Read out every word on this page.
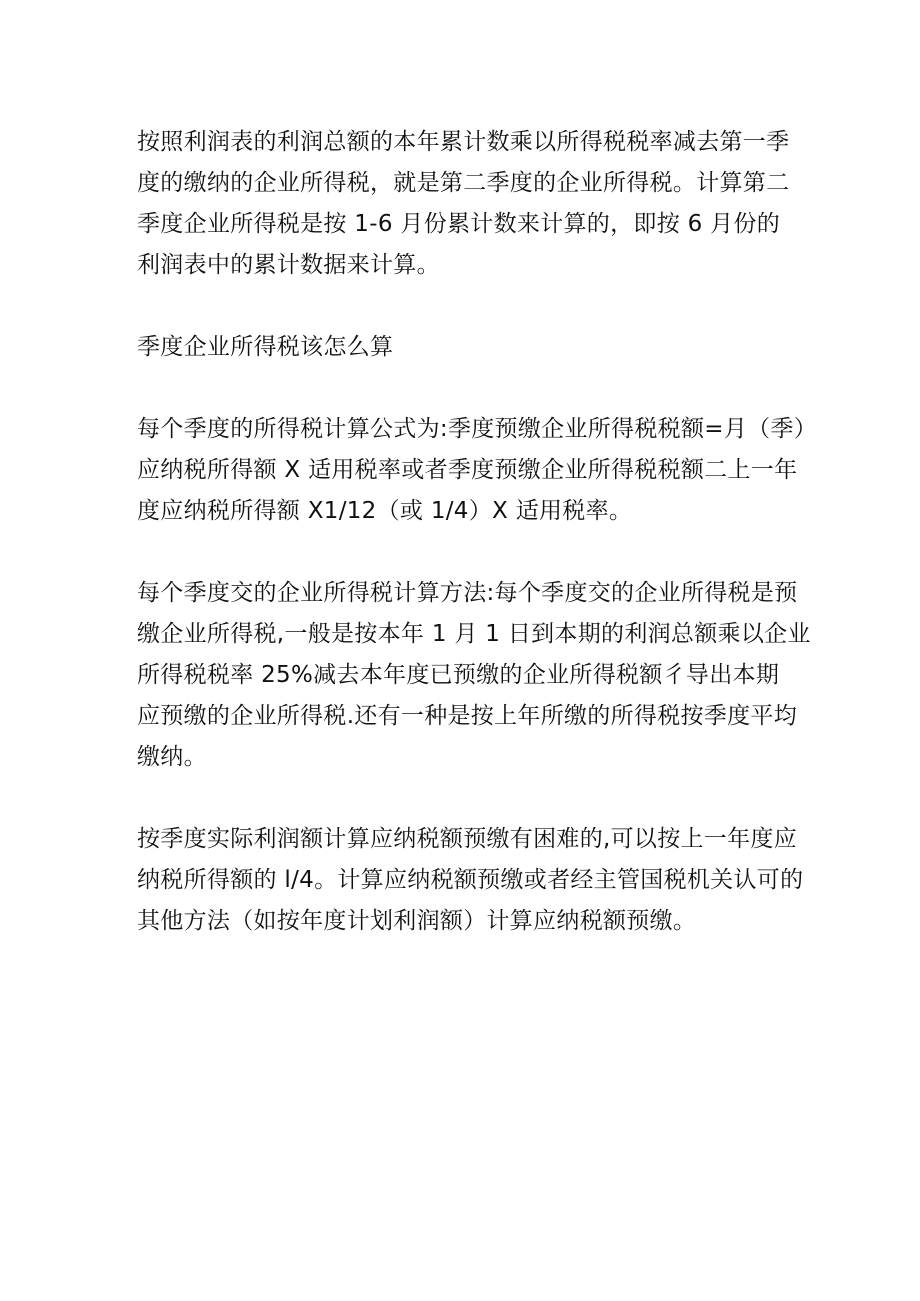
按照利润表的利润总额的本年累计数乘以所得税税率减去第一季
度的缴纳的企业所得税，就是第二季度的企业所得税。计算第二
季度企业所得税是按 1-6 月份累计数来计算的，即按 6 月份的
利润表中的累计数据来计算。
季度企业所得税该怎么算
每个季度的所得税计算公式为:季度预缴企业所得税税额=月（季）
应纳税所得额 X 适用税率或者季度预缴企业所得税税额二上一年
度应纳税所得额 X1/12（或 1/4）X 适用税率。
每个季度交的企业所得税计算方法:每个季度交的企业所得税是预
缴企业所得税,一般是按本年 1 月 1 日到本期的利润总额乘以企业
所得税税率 25%减去本年度已预缴的企业所得税额彳导出本期
应预缴的企业所得税.还有一种是按上年所缴的所得税按季度平均
缴纳。
按季度实际利润额计算应纳税额预缴有困难的,可以按上一年度应
纳税所得额的 l/4。计算应纳税额预缴或者经主管国税机关认可的
其他方法（如按年度计划利润额）计算应纳税额预缴。
